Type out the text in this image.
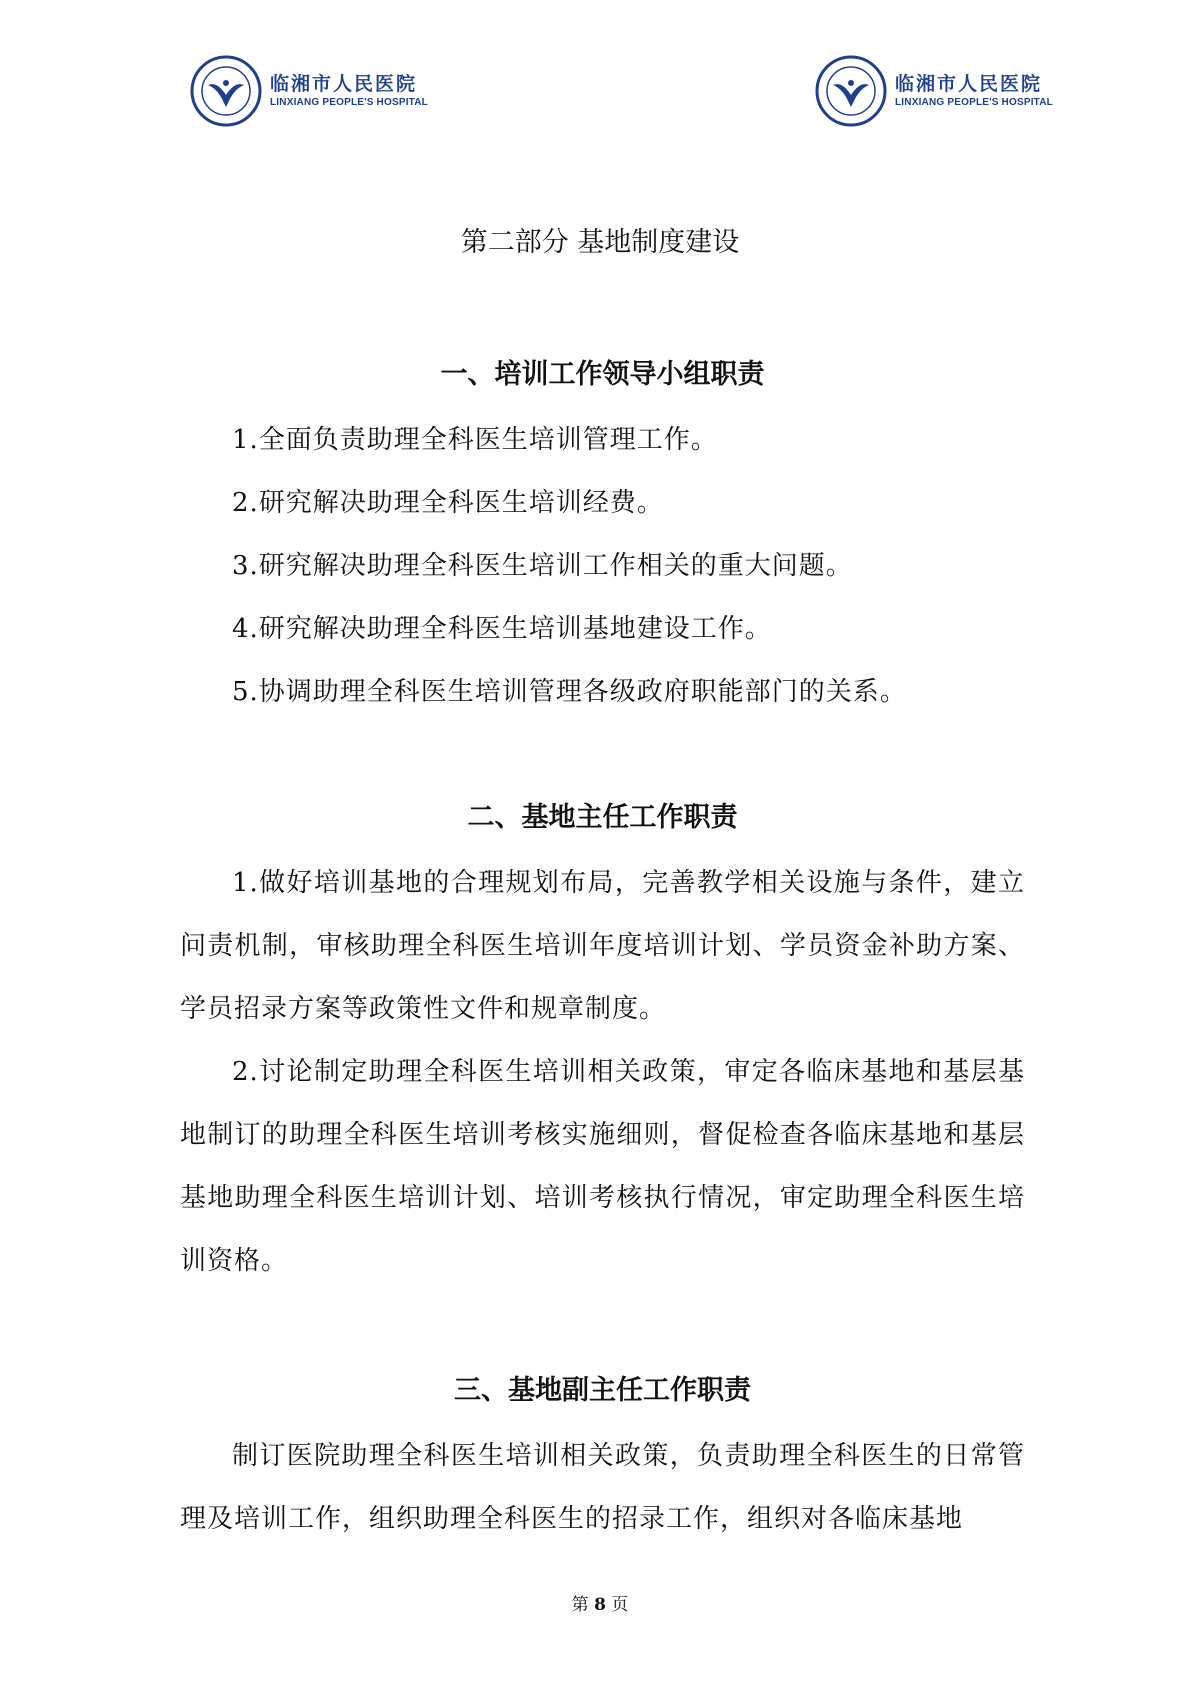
临湘市人民医院
LINXIANG PEOPLE'S HOSPITAL
临湘市人民医院
LINXIANG PEOPLE'S HOSPITAL
第二部分 基地制度建设
一、培训工作领导小组职责

1.全面负责助理全科医生培训管理工作。

2.研究解决助理全科医生培训经费。

3.研究解决助理全科医生培训工作相关的重大问题。

4.研究解决助理全科医生培训基地建设工作。

5.协调助理全科医生培训管理各级政府职能部门的关系。

二、基地主任工作职责

1.做好培训基地的合理规划布局，完善教学相关设施与条件，建立问责机制，审核助理全科医生培训年度培训计划、学员资金补助方案、学员招录方案等政策性文件和规章制度。

2.讨论制定助理全科医生培训相关政策，审定各临床基地和基层基地制订的助理全科医生培训考核实施细则，督促检查各临床基地和基层基地助理全科医生培训计划、培训考核执行情况，审定助理全科医生培训资格。

三、基地副主任工作职责

制订医院助理全科医生培训相关政策，负责助理全科医生的日常管理及培训工作，组织助理全科医生的招录工作，组织对各临床基地

第 8 页
